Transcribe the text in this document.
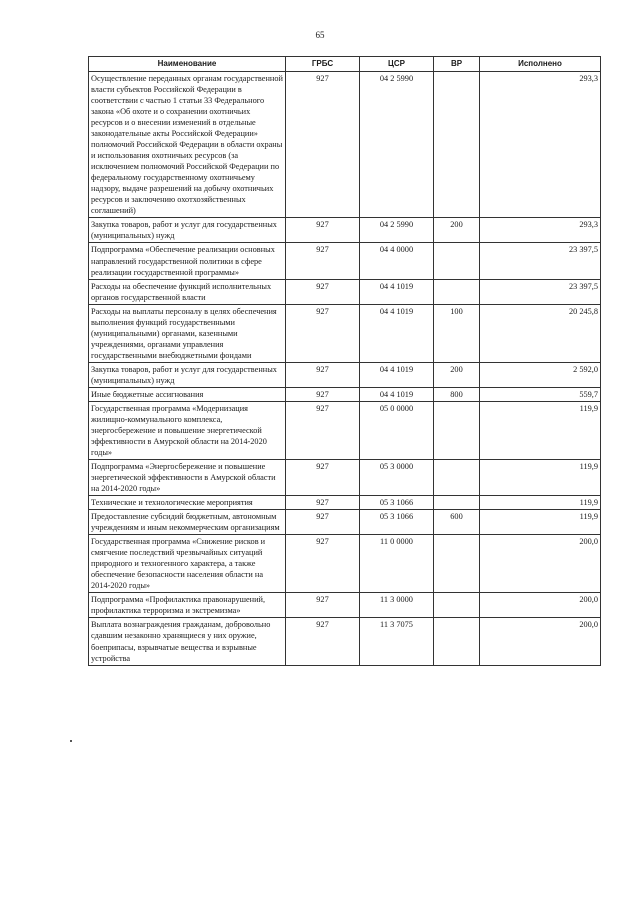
65
Наименование	ГРБС	ЦСР	ВР	Исполнено
Осуществление переданных органам государственной власти субъектов Российской Федерации в соответствии с частью 1 статьи 33 Федерального закона «Об охоте и о сохранении охотничьих ресурсов и о внесении изменений в отдельные законодательные акты Российской Федерации» полномочий Российской Федерации в области охраны и использования охотничьих ресурсов (за исключением полномочий Российской Федерации по федеральному государственному охотничьему надзору, выдаче разрешений на добычу охотничьих ресурсов и заключению охотхозяйственных соглашений)	927	04 2 5990		293,3
Закупка товаров, работ и услуг для государственных (муниципальных) нужд	927	04 2 5990	200	293,3
Подпрограмма «Обеспечение реализации основных направлений государственной политики в сфере реализации государственной программы»	927	04 4 0000		23 397,5
Расходы на обеспечение функций исполнительных органов государственной власти	927	04 4 1019		23 397,5
Расходы на выплаты персоналу в целях обеспечения выполнения функций государственными (муниципальными) органами, казенными учреждениями, органами управления государственными внебюджетными фондами	927	04 4 1019	100	20 245,8
Закупка товаров, работ и услуг для государственных (муниципальных) нужд	927	04 4 1019	200	2 592,0
Иные бюджетные ассигнования	927	04 4 1019	800	559,7
Государственная программа «Модернизация жилищно-коммунального комплекса, энергосбережение и повышение энергетической эффективности в Амурской области на 2014-2020 годы»	927	05 0 0000		119,9
Подпрограмма «Энергосбережение и повышение энергетической эффективности в Амурской области на 2014-2020 годы»	927	05 3 0000		119,9
Технические и технологические мероприятия	927	05 3 1066		119,9
Предоставление субсидий бюджетным, автономным учреждениям и иным некоммерческим организациям	927	05 3 1066	600	119,9
Государственная программа «Снижение рисков и смягчение последствий чрезвычайных ситуаций природного и техногенного характера, а также обеспечение безопасности населения области на 2014-2020 годы»	927	11 0 0000		200,0
Подпрограмма «Профилактика правонарушений, профилактика терроризма и экстремизма»	927	11 3 0000		200,0
Выплата вознаграждения гражданам, добровольно сдавшим незаконно хранящиеся у них оружие, боеприпасы, взрывчатые вещества и взрывные устройства	927	11 3 7075		200,0
